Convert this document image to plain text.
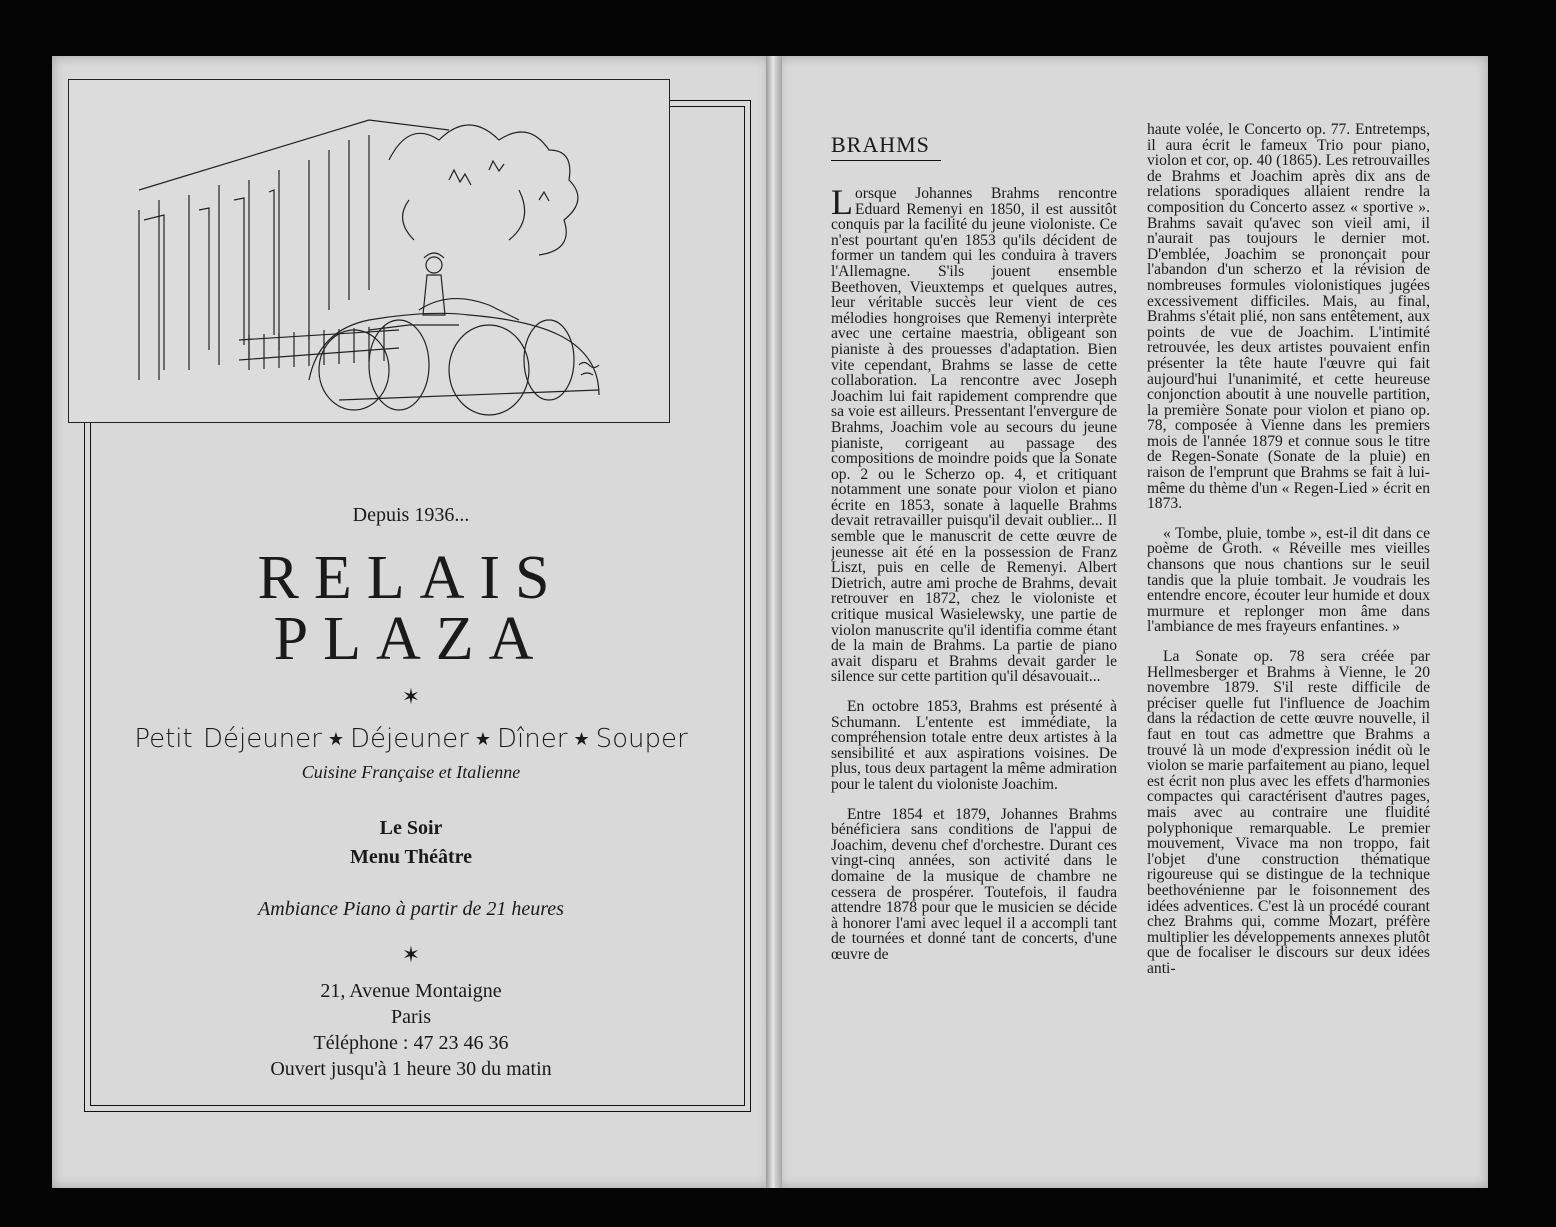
Depuis 1936...
RELAIS
PLAZA
✶
Petit Déjeuner ★ Déjeuner ★ Dîner ★ Souper
Cuisine Française et Italienne
Le Soir
Menu Théâtre
Ambiance Piano à partir de 21 heures
✶
21, Avenue Montaigne
Paris
Téléphone : 47 23 46 36
Ouvert jusqu'à 1 heure 30 du matin
BRAHMS

Lorsque Johannes Brahms rencontre Eduard Remenyi en 1850, il est aussitôt conquis par la facilité du jeune violoniste. Ce n'est pourtant qu'en 1853 qu'ils décident de former un tandem qui les conduira à travers l'Allemagne. S'ils jouent ensemble Beethoven, Vieuxtemps et quelques autres, leur véritable succès leur vient de ces mélodies hongroises que Remenyi interprète avec une certaine maestria, obligeant son pianiste à des prouesses d'adaptation. Bien vite cependant, Brahms se lasse de cette collaboration. La rencontre avec Joseph Joachim lui fait rapidement comprendre que sa voie est ailleurs. Pressentant l'envergure de Brahms, Joachim vole au secours du jeune pianiste, corrigeant au passage des compositions de moindre poids que la Sonate op. 2 ou le Scherzo op. 4, et critiquant notamment une sonate pour violon et piano écrite en 1853, sonate à laquelle Brahms devait retravailler puisqu'il devait oublier... Il semble que le manuscrit de cette œuvre de jeunesse ait été en la possession de Franz Liszt, puis en celle de Remenyi. Albert Dietrich, autre ami proche de Brahms, devait retrouver en 1872, chez le violoniste et critique musical Wasielewsky, une partie de violon manuscrite qu'il identifia comme étant de la main de Brahms. La partie de piano avait disparu et Brahms devait garder le silence sur cette partition qu'il désavouait...

En octobre 1853, Brahms est présenté à Schumann. L'entente est immédiate, la compréhension totale entre deux artistes à la sensibilité et aux aspirations voisines. De plus, tous deux partagent la même admiration pour le talent du violoniste Joachim.

Entre 1854 et 1879, Johannes Brahms bénéficiera sans conditions de l'appui de Joachim, devenu chef d'orchestre. Durant ces vingt-cinq années, son activité dans le domaine de la musique de chambre ne cessera de prospérer. Toutefois, il faudra attendre 1878 pour que le musicien se décide à honorer l'ami avec lequel il a accompli tant de tournées et donné tant de concerts, d'une œuvre de

haute volée, le Concerto op. 77. Entretemps, il aura écrit le fameux Trio pour piano, violon et cor, op. 40 (1865). Les retrouvailles de Brahms et Joachim après dix ans de relations sporadiques allaient rendre la composition du Concerto assez « sportive ». Brahms savait qu'avec son vieil ami, il n'aurait pas toujours le dernier mot. D'emblée, Joachim se prononçait pour l'abandon d'un scherzo et la révision de nombreuses formules violonistiques jugées excessivement difficiles. Mais, au final, Brahms s'était plié, non sans entêtement, aux points de vue de Joachim. L'intimité retrouvée, les deux artistes pouvaient enfin présenter la tête haute l'œuvre qui fait aujourd'hui l'unanimité, et cette heureuse conjonction aboutit à une nouvelle partition, la première Sonate pour violon et piano op. 78, composée à Vienne dans les premiers mois de l'année 1879 et connue sous le titre de Regen-Sonate (Sonate de la pluie) en raison de l'emprunt que Brahms se fait à lui-même du thème d'un « Regen-Lied » écrit en 1873.

« Tombe, pluie, tombe », est-il dit dans ce poème de Groth. « Réveille mes vieilles chansons que nous chantions sur le seuil tandis que la pluie tombait. Je voudrais les entendre encore, écouter leur humide et doux murmure et replonger mon âme dans l'ambiance de mes frayeurs enfantines. »

La Sonate op. 78 sera créée par Hellmesberger et Brahms à Vienne, le 20 novembre 1879. S'il reste difficile de préciser quelle fut l'influence de Joachim dans la rédaction de cette œuvre nouvelle, il faut en tout cas admettre que Brahms a trouvé là un mode d'expression inédit où le violon se marie parfaitement au piano, lequel est écrit non plus avec les effets d'harmonies compactes qui caractérisent d'autres pages, mais avec au contraire une fluidité polyphonique remarquable. Le premier mouvement, Vivace ma non troppo, fait l'objet d'une construction thématique rigoureuse qui se distingue de la technique beethovénienne par le foisonnement des idées adventices. C'est là un procédé courant chez Brahms qui, comme Mozart, préfère multiplier les développements annexes plutôt que de focaliser le discours sur deux idées anti-
